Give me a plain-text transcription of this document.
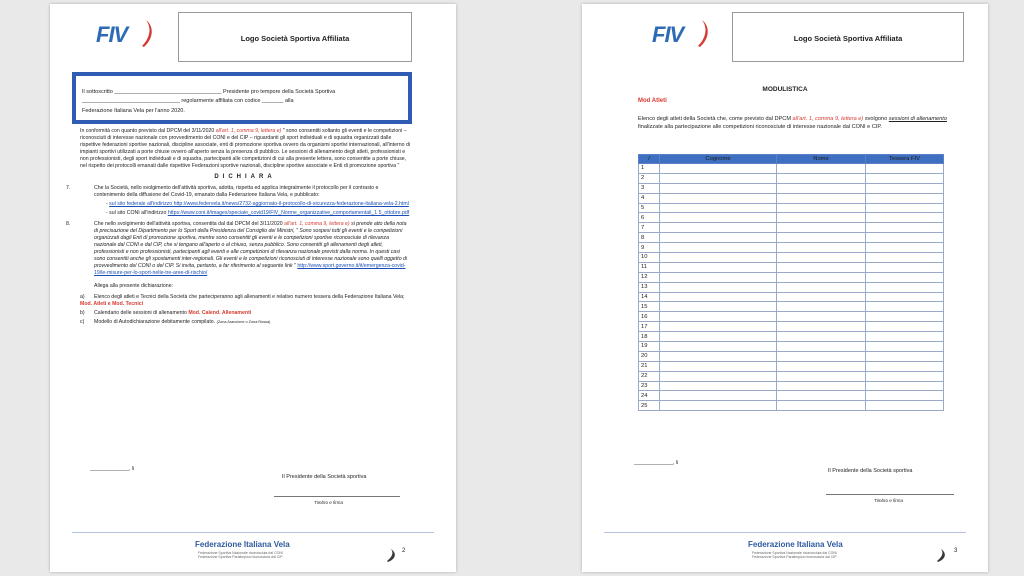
FIV	Logo Società Sportiva Affiliata

Il sottoscritto ___________________________________ Presidente pro tempore della Società Sportiva

________________________________ regolarmente affiliata con codice _______ alla

Federazione Italiana Vela per l'anno 2020.

In conformità con quanto previsto dal DPCM del 3/11/2020 all'art. 1, comma 9, lettera e) " sono consentiti soltanto gli eventi e le competizioni – riconosciuti di interesse nazionale con provvedimento del CONI e del CIP – riguardanti gli sport individuali e di squadra organizzati dalle rispettive federazioni sportive nazionali, discipline associate, enti di promozione sportiva ovvero da organismi sportivi internazionali, all'interno di impianti sportivi utilizzati a porte chiuse ovvero all'aperto senza la presenza di pubblico. Le sessioni di allenamento degli atleti, professionisti e non professionisti, degli sport individuali e di squadra, partecipanti alle competizioni di cui alla presente lettera, sono consentite a porte chiuse, nel rispetto dei protocolli emanati dalle rispettive Federazioni sportive nazionali, discipline sportive associate e Enti di promozione sportiva "

DICHIARA

7.	Che la Società, nello svolgimento dell'attività sportiva, adotta, rispetta ed applica integralmente il protocollo per il contrasto e contenimento della diffusione del Covid-19, emanato dalla Federazione Italiana Vela, e pubblicato:

- sul sito federale all'indirizzo http://www.federvela.it/news/2732-aggiornato-il-protocollo-di-sicurezza-federazione-italiana-vela-2.html

- sul sito CONI all'indirizzo https://www.coni.it/images/speciale_covid19/FIV_Norme_organizzative_comportamentali_1 5_ottobre.pdf

8.	Che nello svolgimento dell'attività sportiva, consentita dal dal DPCM del 3/11/2020 all'art. 1, comma 9, lettera e) si prende atto della nota di precisazione del Dipartimento per lo Sport della Presidenza del Consiglio dei Ministri, " Sono sospesi tutti gli eventi e le competizioni organizzati dagli Enti di promozione sportiva, mentre sono consentiti gli eventi e le competizioni sportive riconosciute di rilevanza nazionale dal CONI e dal CIP, che si tengano all'aperto o al chiuso, senza pubblico. Sono consentiti gli allenamenti degli atleti, professionisti e non professionisti, partecipanti agli eventi e alle competizioni di rilevanza nazionale previsti dalla norma. In questi casi sono consentiti anche gli spostamenti inter-regionali. Gli eventi e le competizioni riconosciuti di interesse nazionale sono quelli oggetto di provvedimento del CONI o del CIP. Si invita, pertanto, a far riferimento al seguente link " http://www.sport.governo.it/it/emergenza-covid-19/le-misure-per-lo-sport-nelle-tre-aree-di-rischio/

Allega alla presente dichiarazione:

a) Elenco degli atleti e Tecnici della Società che parteciperanno agli allenamenti e relativo numero tessera della Federazione Italiana Vela; Mod. Atleti e Mod. Tecnici

b) Calendario delle sessioni di allenamento Mod. Calend. Allenamenti

c) Modello di Autodichiarazione debitamente compilato. (Zona Arancione o Zona Rossa)

______________, li
Il Presidente della Società sportiva
Timbro e firma
Federazione Italiana Vela
Federazione Sportiva Nazionale riconosciuta dal CONI
Federazione Sportiva Paralimpica riconosciuta dal CIP
2
FIV	Logo Società Sportiva Affiliata
MODULISTICA
Mod Atleti
Elenco degli atleti della Società che, come previsto dal DPCM all'art. 1, comma 9, lettera e) svolgono sessioni di allenamento finalizzate alla partecipazione alle competizioni riconosciute di interesse nazionale dal CONI e CIP.
/	Cognome	Nome	Tessera FIV
1			
2			
3			
4			
5			
6			
7			
8			
9			
10			
11			
12			
13			
14			
15			
16			
17			
18			
19			
20			
21			
22			
23			
24			
25			
______________, li
Il Presidente della Società sportiva
Timbro e firma
Federazione Italiana Vela
Federazione Sportiva Nazionale riconosciuta dal CONI
Federazione Sportiva Paralimpica riconosciuta dal CIP
3
